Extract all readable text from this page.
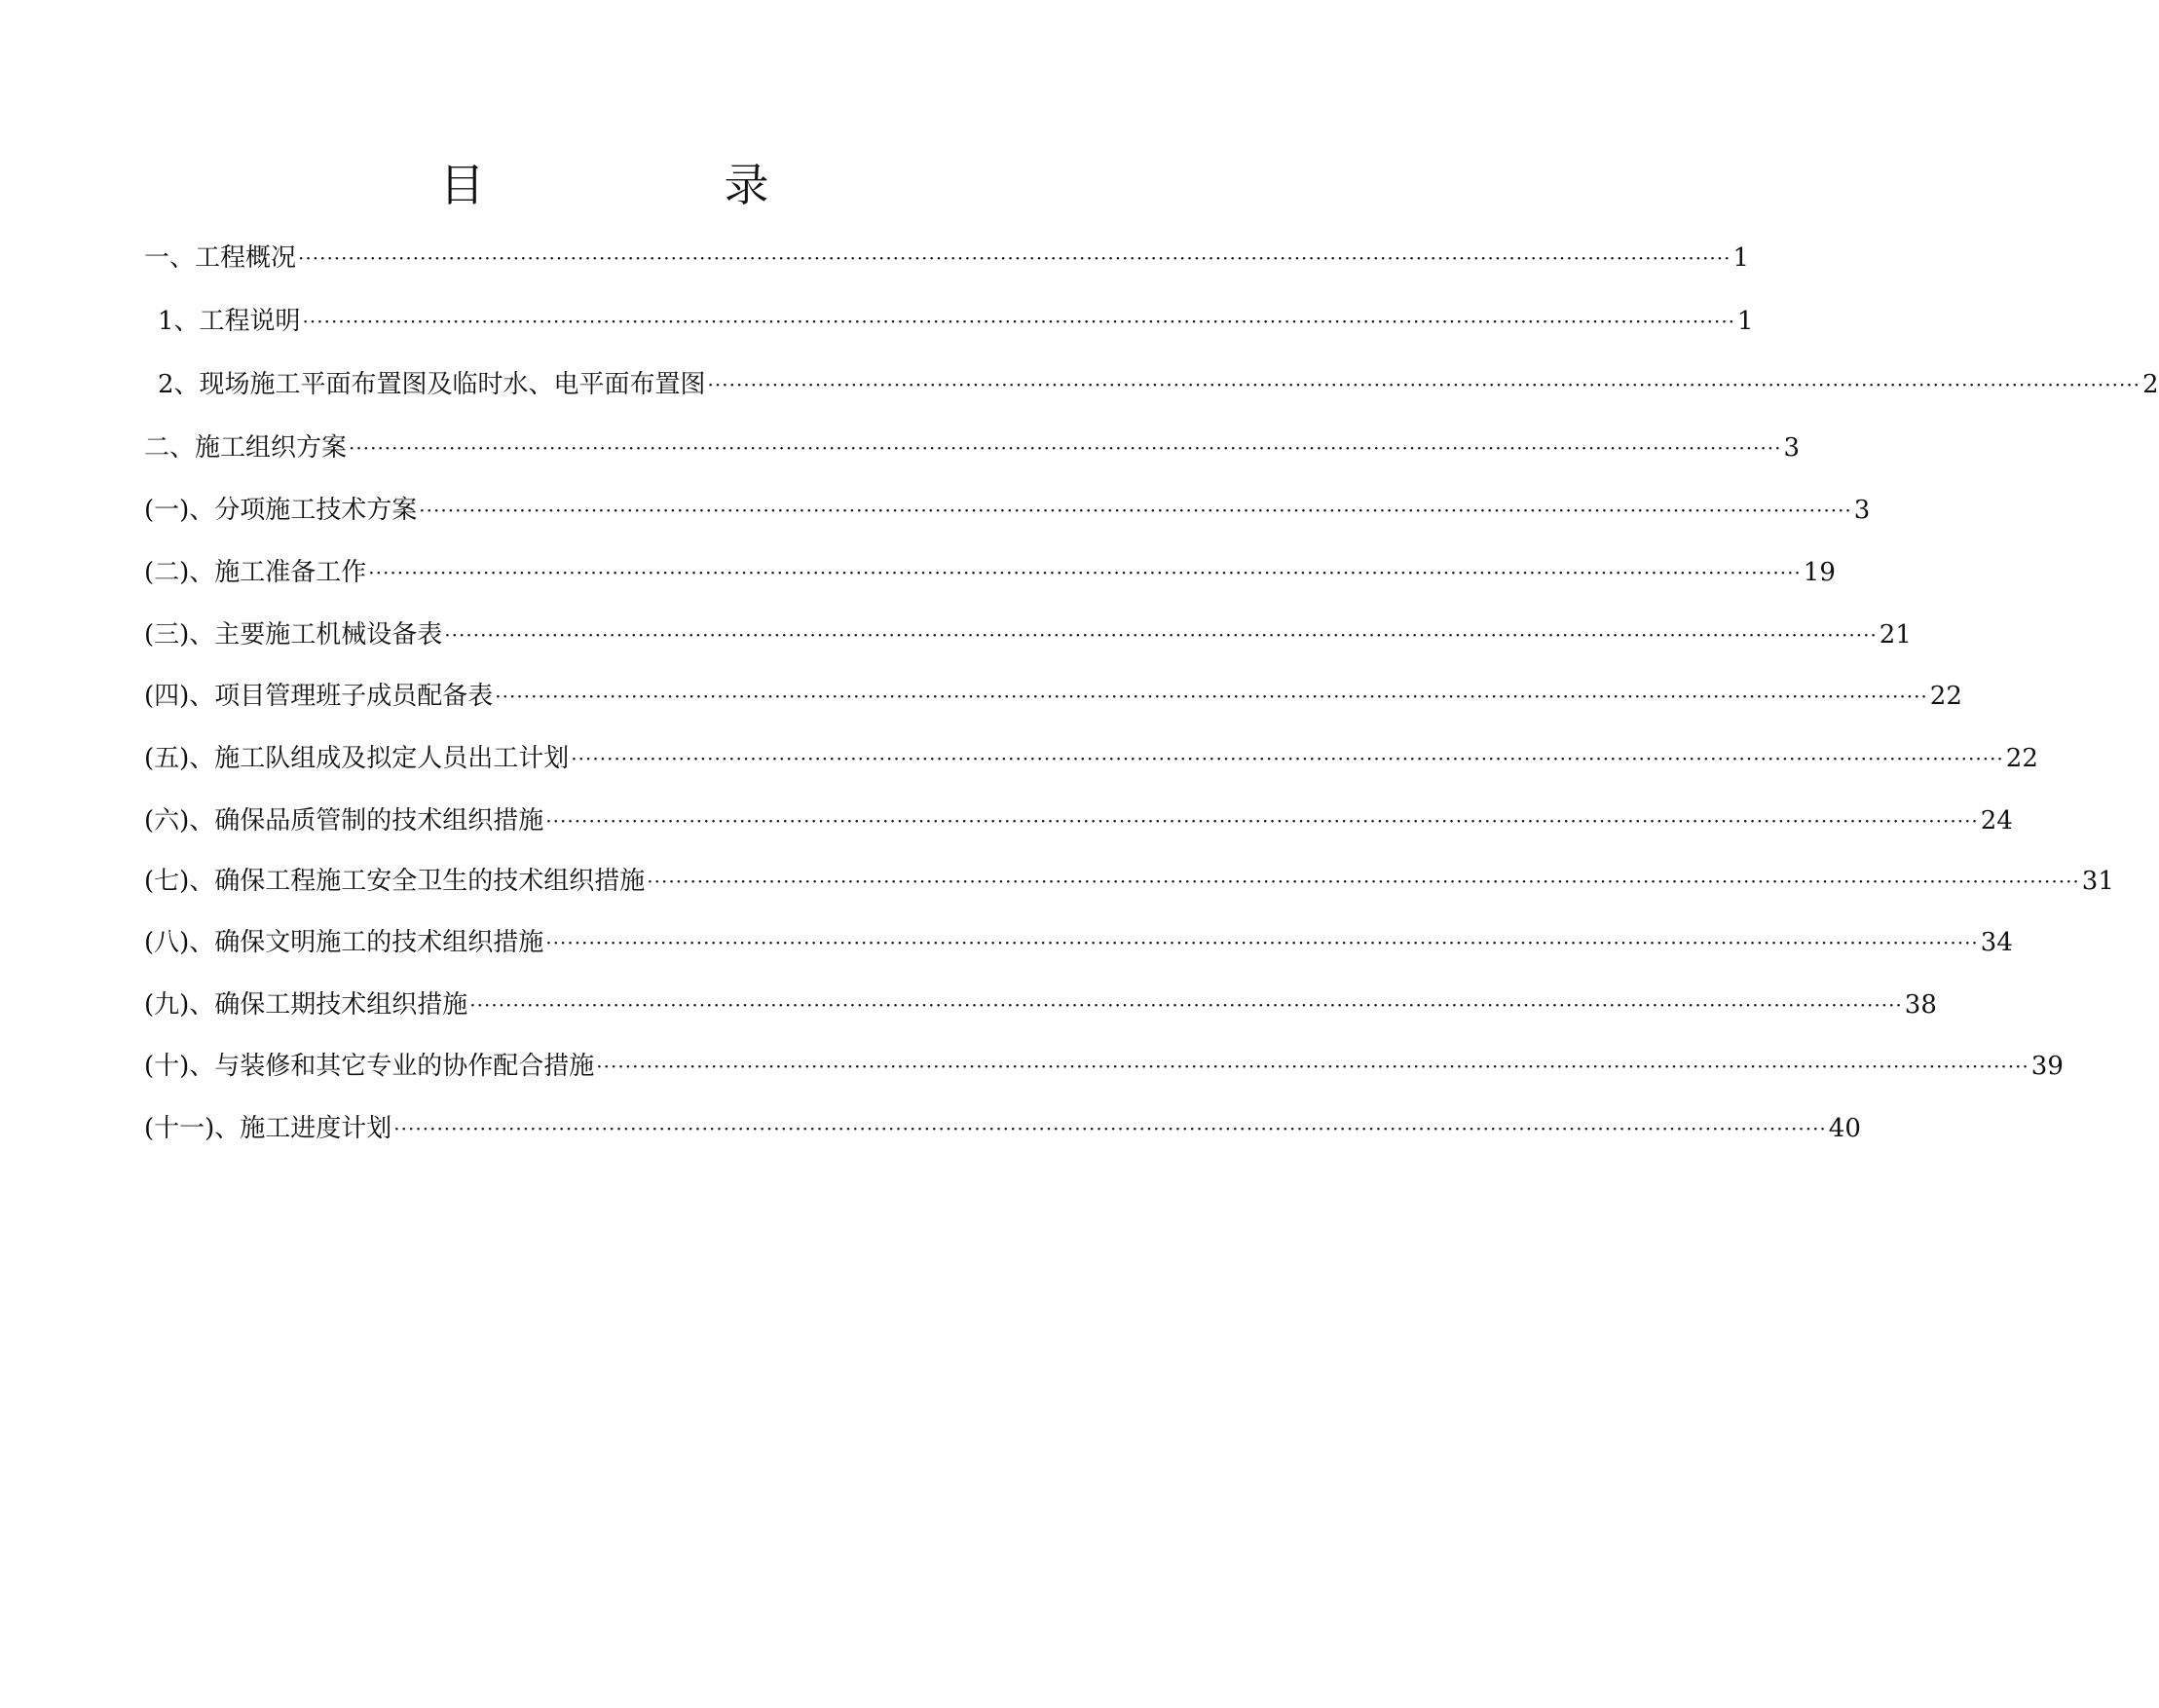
目　录
一、工程概况 ········································································································································································································ 1
1、工程说明 ········································································································································································································ 1
2、现场施工平面布置图及临时水、电平面布置图 ········································································································································································································ 2
二、施工组织方案 ········································································································································································································ 3
(一)、分项施工技术方案 ········································································································································································································ 3
(二)、施工准备工作 ········································································································································································································ 19
(三)、主要施工机械设备表 ········································································································································································································ 21
(四)、项目管理班子成员配备表 ········································································································································································································ 22
(五)、施工队组成及拟定人员出工计划 ········································································································································································································ 22
(六)、确保品质管制的技术组织措施 ········································································································································································································ 24
(七)、确保工程施工安全卫生的技术组织措施 ········································································································································································································ 31
(八)、确保文明施工的技术组织措施 ········································································································································································································ 34
(九)、确保工期技术组织措施 ········································································································································································································ 38
(十)、与装修和其它专业的协作配合措施 ········································································································································································································ 39
(十一)、施工进度计划 ········································································································································································································ 40
